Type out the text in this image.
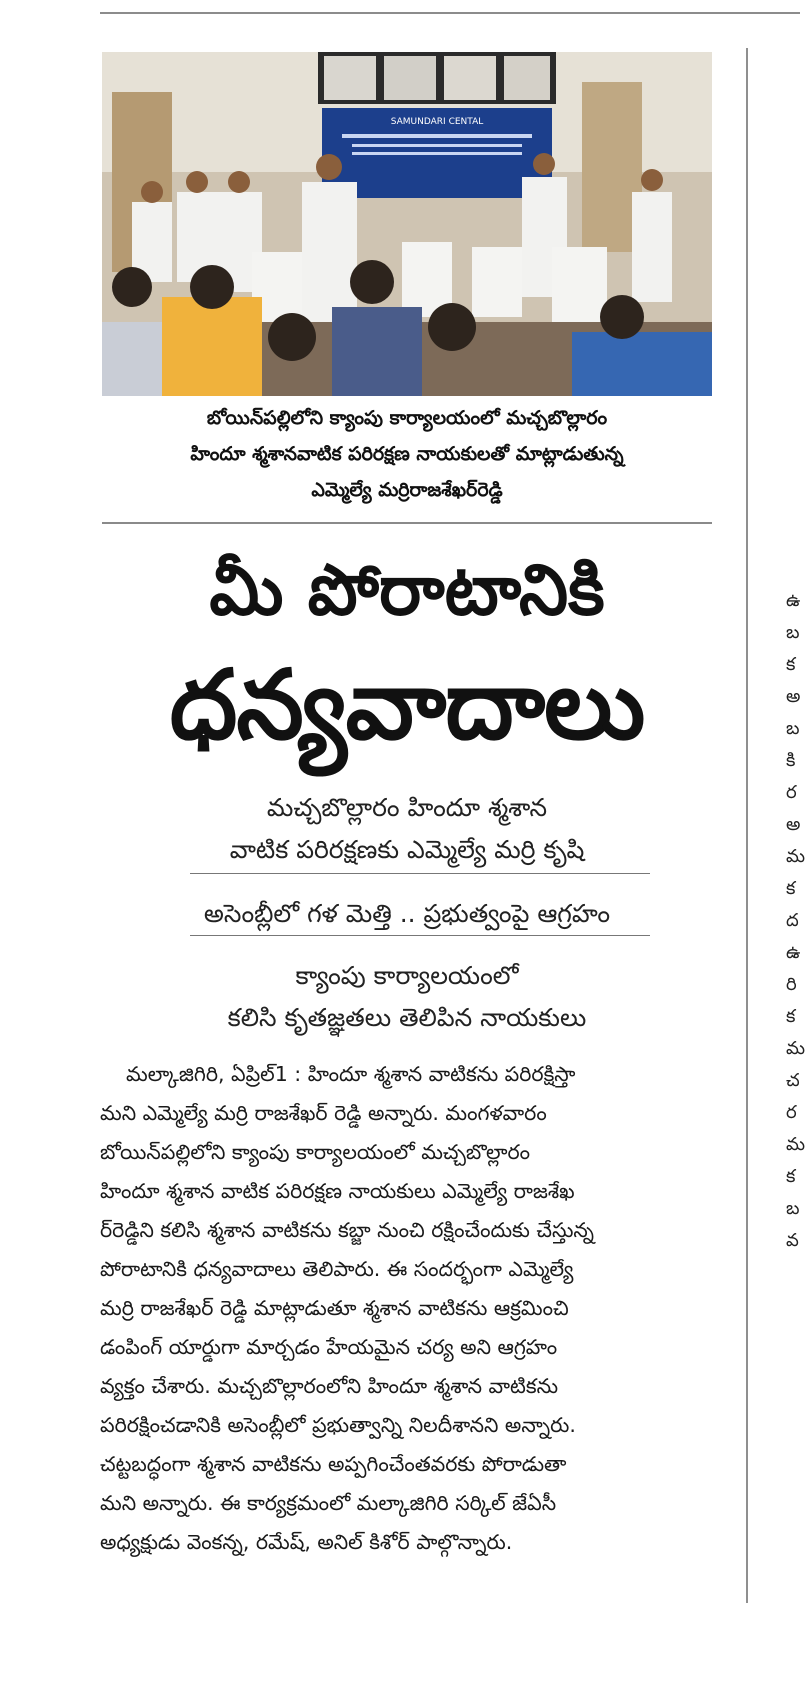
SAMUNDARI CENTAL
బోయిన్‌పల్లిలోని క్యాంపు కార్యాలయంలో మచ్చబొల్లారం
హిందూ శ్మశానవాటిక పరిరక్షణ నాయకులతో మాట్లాడుతున్న
ఎమ్మెల్యే మర్రిరాజశేఖర్‌రెడ్డి
మీ పోరాటానికి
ధన్యవాదాలు
మచ్చబొల్లారం హిందూ శ్మశాన
వాటిక పరిరక్షణకు ఎమ్మెల్యే మర్రి కృషి
అసెంబ్లీలో గళ మెత్తి .. ప్రభుత్వంపై ఆగ్రహం
క్యాంపు కార్యాలయంలో
కలిసి కృతజ్ఞతలు తెలిపిన నాయకులు
మల్కాజిగిరి, ఏప్రిల్1 : హిందూ శ్మశాన వాటికను పరిరక్షిస్తా
మని ఎమ్మెల్యే మర్రి రాజశేఖర్ రెడ్డి అన్నారు. మంగళవారం
బోయిన్‌పల్లిలోని క్యాంపు కార్యాలయంలో మచ్చబొల్లారం
హిందూ శ్మశాన వాటిక పరిరక్షణ నాయకులు ఎమ్మెల్యే రాజశేఖ
ర్‌రెడ్డిని కలిసి శ్మశాన వాటికను కబ్జా నుంచి రక్షించేందుకు చేస్తున్న
పోరాటానికి ధన్యవాదాలు తెలిపారు. ఈ సందర్భంగా ఎమ్మెల్యే
మర్రి రాజశేఖర్ రెడ్డి మాట్లాడుతూ శ్మశాన వాటికను ఆక్రమించి
డంపింగ్ యార్డుగా మార్చడం హేయమైన చర్య అని ఆగ్రహం
వ్యక్తం చేశారు. మచ్చబొల్లారంలోని హిందూ శ్మశాన వాటికను
పరిరక్షించడానికి అసెంబ్లీలో ప్రభుత్వాన్ని నిలదీశానని అన్నారు.
చట్టబద్ధంగా శ్మశాన వాటికను అప్పగించేంతవరకు పోరాడుతా
మని అన్నారు. ఈ కార్యక్రమంలో మల్కాజిగిరి సర్కిల్ జేఏసీ
అధ్యక్షుడు వెంకన్న, రమేష్, అనిల్ కిశోర్ పాల్గొన్నారు.
ఉ
బ
క
అ
బ
కి
ర
అ
మ
క
ద
ఉ
రి
క
మ
చ
ర
మ
క
బ
వ
